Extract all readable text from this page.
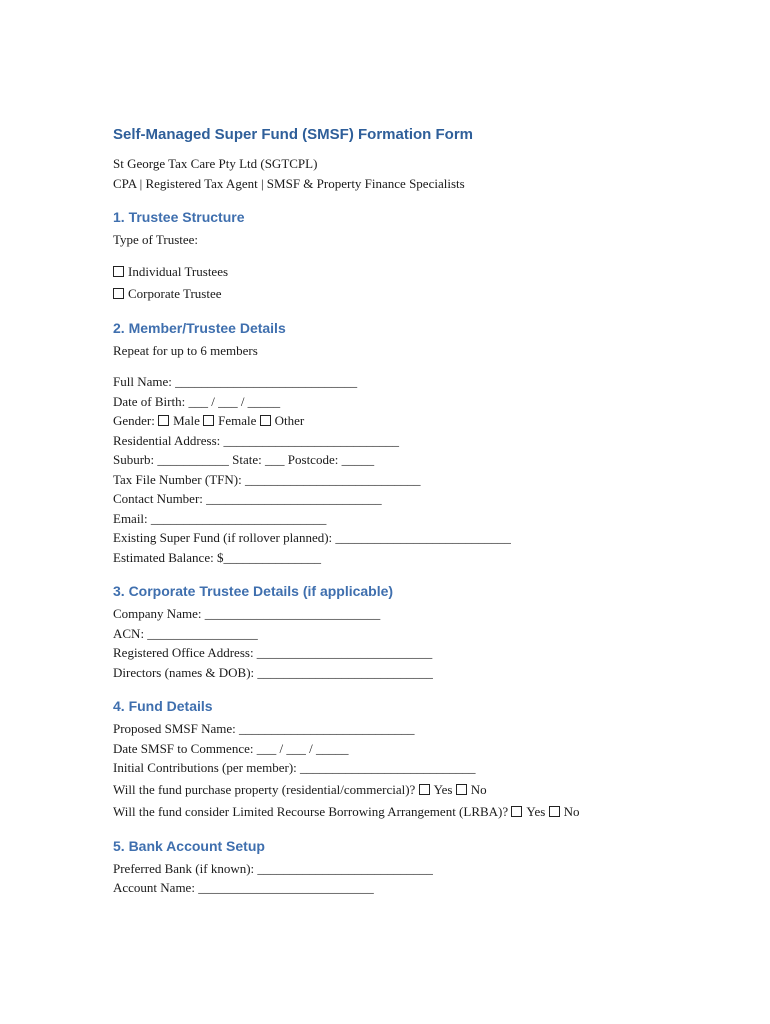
Self-Managed Super Fund (SMSF) Formation Form
St George Tax Care Pty Ltd (SGTCPL)
CPA | Registered Tax Agent | SMSF & Property Finance Specialists
1. Trustee Structure
Type of Trustee:
Individual Trustees
Corporate Trustee
2. Member/Trustee Details
Repeat for up to 6 members
Full Name: ____________________________
Date of Birth: ___ / ___ / _____
Gender: Male Female Other
Residential Address: ___________________________
Suburb: ___________ State: ___ Postcode: _____
Tax File Number (TFN): ___________________________
Contact Number: ___________________________
Email: ___________________________
Existing Super Fund (if rollover planned): ___________________________
Estimated Balance: $_______________
3. Corporate Trustee Details (if applicable)
Company Name: ___________________________
ACN: _________________
Registered Office Address: ___________________________
Directors (names & DOB): ___________________________
4. Fund Details
Proposed SMSF Name: ___________________________
Date SMSF to Commence: ___ / ___ / _____
Initial Contributions (per member): ___________________________
Will the fund purchase property (residential/commercial)? Yes No
Will the fund consider Limited Recourse Borrowing Arrangement (LRBA)? Yes No
5. Bank Account Setup
Preferred Bank (if known): ___________________________
Account Name: ___________________________
